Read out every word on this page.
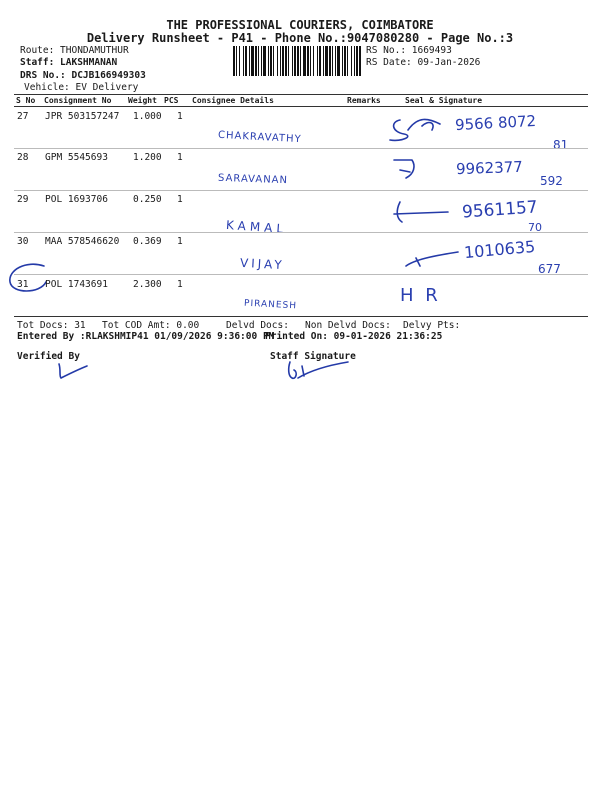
THE PROFESSIONAL COURIERS, COIMBATORE
Delivery Runsheet - P41 - Phone No.:9047080280 - Page No.:3
Route: THONDAMUTHUR
Staff: LAKSHMANAN
DRS No.: DCJB166949303
Vehicle: EV Delivery
RS No.: 1669493
RS Date: 09-Jan-2026
S No Consignment No Weight PCS Consignee Details	Remarks	Seal & Signature
27 JPR 503157247 1.000 1
CHAKRAVATHY
9566 8072
81
28 GPM 5545693	1.200 1
SARAVANAN
9962377
592
29 POL 1693706	0.250 1
KAMAL
9561157
70
30 MAA 578546620 0.369 1
VIJAY
1010635
677
31 POL 1743691	2.300 1
PIRANESH	H R
Tot Docs: 31 Tot COD Amt: 0.00	Delvd Docs: Non Delvd Docs: Delvy Pts:
Entered By :RLAKSHMIP41 01/09/2026 9:36:00 PM
Printed On: 09-01-2026 21:36:25
Verified By	Staff Signature
